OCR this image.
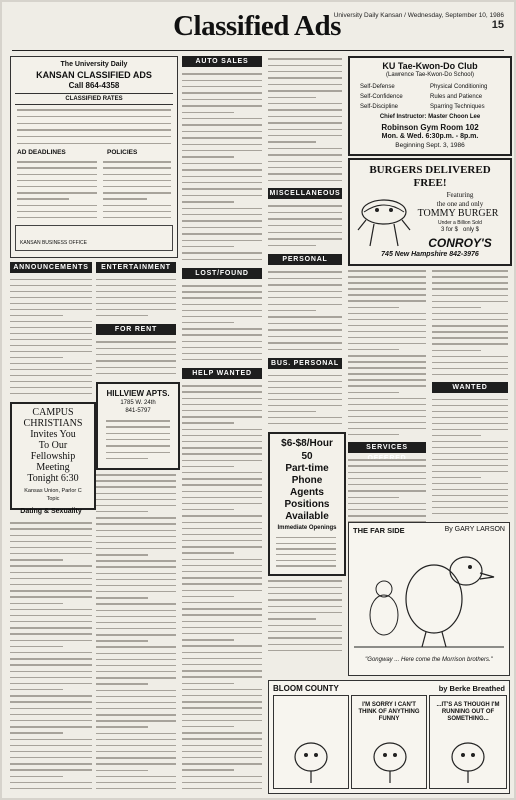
Classified Ads
University Daily Kansan / Wednesday, September 10, 1986 15
The University Daily
KANSAN CLASSIFIED ADS
Call 864-4358
CLASSIFIED RATES
AD DEADLINES	POLICIES
KANSAN BUSINESS OFFICE
ANNOUNCEMENTS	ENTERTAINMENT
FOR RENT
HILLVIEW APTS.
1785 W. 24th
841-5797
CAMPUS
CHRISTIANS
Invites You
To Our
Fellowship
Meeting
Tonight 6:30
Kansas Union, Parlor C
Topic
Dating & Sexuality
AUTO SALES
LOST/FOUND
HELP WANTED
MISCELLANEOUS
PERSONAL
BUS. PERSONAL
$6-$8/Hour
50
Part-time
Phone
Agents
Positions
Available
Immediate Openings
KU Tae-Kwon-Do Club
(Lawrence Tae-Kwon-Do School)
Self-Defense	Physical Conditioning
Self-Confidence	Rules and Patience
Self-Discipline	Sparring Techniques
Chief Instructor: Master Choon Lee
Robinson Gym Room 102
Mon. & Wed. 6:30p.m. - 8p.m.
Beginning Sept. 3, 1986
BURGERS DELIVERED
FREE!
Featuring
the one and only
TOMMY BURGER
Under a Billion Sold
3 for $ only $
CONROY'S
745 New Hampshire 842-3976
SERVICES
WANTED
THE FAR SIDE	By GARY LARSON
"Gongway ... Here come the Morrison brothers."
BLOOM COUNTY	by Berke Breathed
I'M SORRY I CAN'T THINK OF ANYTHING FUNNY
...IT'S AS THOUGH I'M RUNNING OUT OF SOMETHING...
